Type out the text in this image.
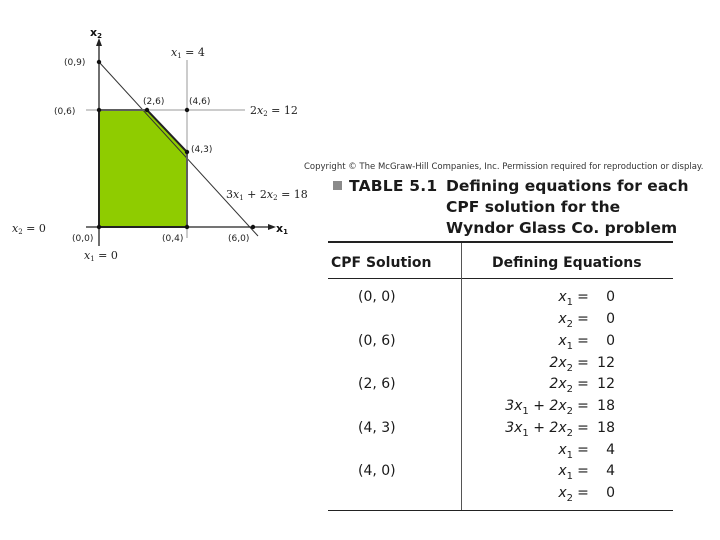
x2
x1
(0,9)
(2,6)	(4,6)
(0,6)
(4,3)
(0,0)	(0,4)	(6,0)
x1 = 4
2x2 = 12
3x1 + 2x2 = 18
x2 = 0
x1 = 0
Copyright © The McGraw-Hill Companies, Inc. Permission required for reproduction or display.
TABLE 5.1 Defining equations for each
CPF solution for the
Wyndor Glass Co. problem
CPF Solution	Defining Equations
(0, 0)	$x_1 = 0$
$x_2 = 0$
(0, 6)	$x_1 = 0$
$2x_2 = 12$
(2, 6)	$2x_2 = 12$
$3x_1 + 2x_2 = 18$
(4, 3)	$3x_1 + 2x_2 = 18$
$x_1 = 4$
(4, 0)	$x_1 = 4$
$x_2 = 0$
